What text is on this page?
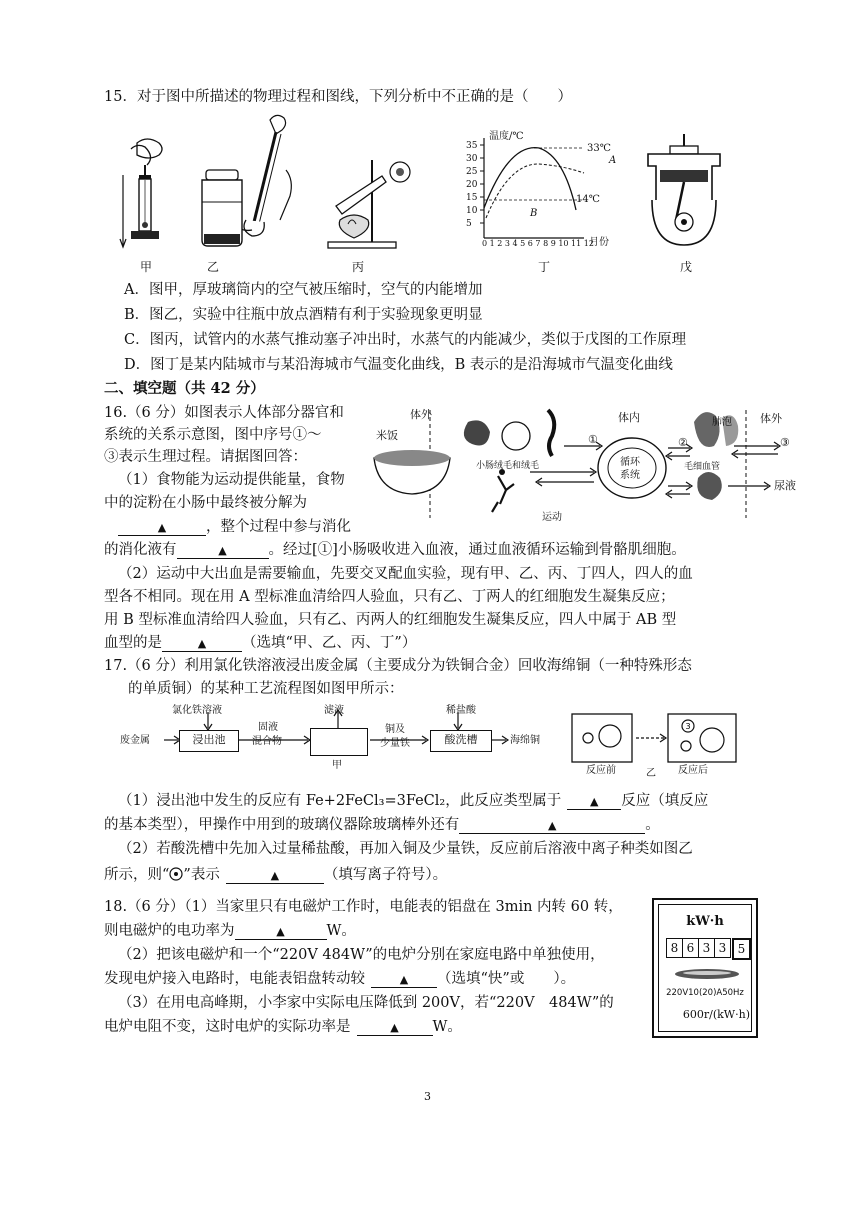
15．对于图中所描述的物理过程和图线，下列分析中不正确的是（　　）
温度/℃
35
30
25
20
15
10
5
0 1 2 3 4 5 6 7 8 9 10 11 12
月份
33℃
14℃
A
B
甲	乙	丙	丁	戊
A．图甲，厚玻璃筒内的空气被压缩时，空气的内能增加
B．图乙，实验中往瓶中放点酒精有利于实验现象更明显
C．图丙，试管内的水蒸气推动塞子冲出时，水蒸气的内能减少，类似于戊图的工作原理
D．图丁是某内陆城市与某沿海城市气温变化曲线，B 表示的是沿海城市气温变化曲线
二、填空题（共 42 分）
16.（6 分）如图表示人体部分器官和
系统的关系示意图，图中序号①～
③表示生理过程。请据图回答：
（1）食物能为运动提供能量，食物
中的淀粉在小肠中最终被分解为
▲	，整个过程中参与消化
的消化液有	▲	。经过[①]小肠吸收进入血液，通过血液循环运输到骨骼肌细胞。
（2）运动中大出血是需要输血，先要交叉配血实验，现有甲、乙、丙、丁四人，四人的血
型各不相同。现在用 A 型标准血清给四人验血，只有乙、丁两人的红细胞发生凝集反应；
用 B 型标准血清给四人验血，只有乙、丙两人的红细胞发生凝集反应，四人中属于 AB 型
血型的是	▲ （选填“甲、乙、丙、丁”）
体外
米饭
小肠绒毛和绒毛
运动
体内
循环
系统
肺泡
毛细血管
体外
尿液
①	②	③
17.（6 分）利用氯化铁溶液浸出废金属（主要成分为铁铜合金）回收海绵铜（一种特殊形态
的单质铜）的某种工艺流程图如图甲所示：
氯化铁溶液
废金属	浸出池
固液
混合物
滤液
甲
铜及
少量铁
稀盐酸
酸洗槽	海绵铜
3
反应前	乙 反应后
（1）浸出池中发生的反应有 Fe+2FeCl₃=3FeCl₂，此反应类型属于	▲ 反应（填反应
的基本类型），甲操作中用到的玻璃仪器除玻璃棒外还有	▲	。
（2）若酸洗槽中先加入过量稀盐酸，再加入铜及少量铁，反应前后溶液中离子种类如图乙
所示，则“ ”表示	▲	（填写离子符号）。
18.（6 分）（1）当家里只有电磁炉工作时，电能表的铝盘在 3min 内转 60 转，
则电磁炉的电功率为	▲	W。
（2）把该电磁炉和一个“220V 484W”的电炉分别在家庭电路中单独使用，
发现电炉接入电路时，电能表铝盘转动较	▲ （选填“快”或　　）。
（3）在用电高峰期，小李家中实际电压降低到 200V，若“220V　484W”的
电炉电阻不变，这时电炉的实际功率是	▲ W。
kW·h
8 6 3 3 5
220V10(20)A50Hz
600r/(kW·h)
3
